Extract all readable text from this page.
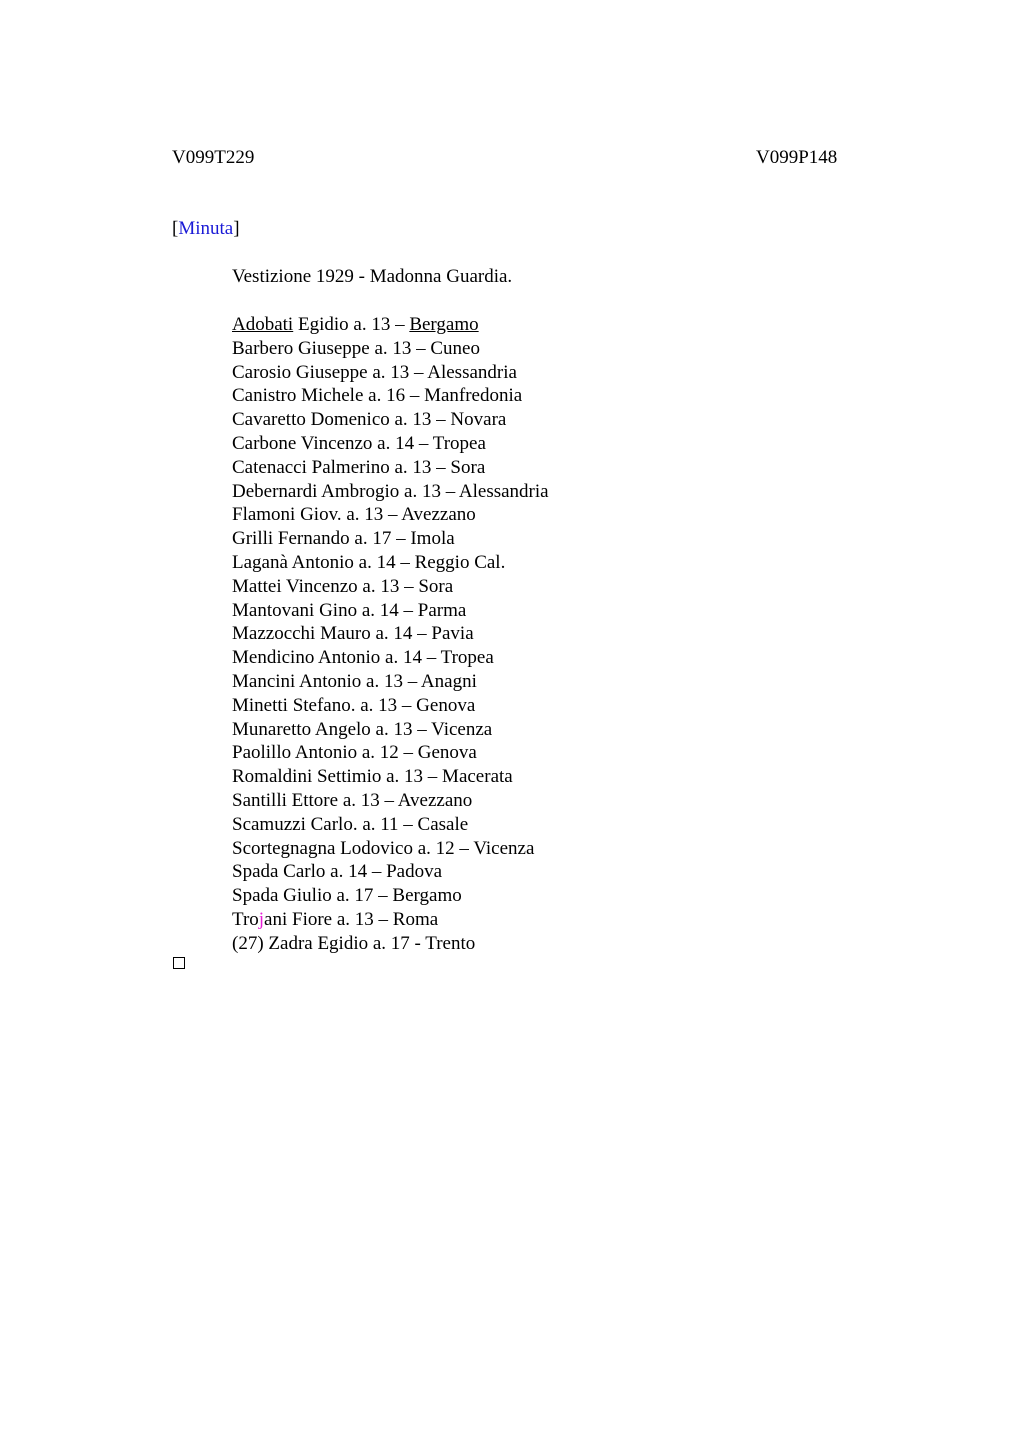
V099T229	V099P148
[Minuta]
Vestizione 1929 - Madonna Guardia.
Adobati Egidio a. 13 – Bergamo
Barbero Giuseppe a. 13 – Cuneo
Carosio Giuseppe a. 13 – Alessandria
Canistro Michele a. 16 – Manfredonia
Cavaretto Domenico a. 13 – Novara
Carbone Vincenzo a. 14 – Tropea
Catenacci Palmerino a. 13 – Sora
Debernardi Ambrogio a. 13 – Alessandria
Flamoni Giov. a. 13 – Avezzano
Grilli Fernando a. 17 – Imola
Laganà Antonio a. 14 – Reggio Cal.
Mattei Vincenzo a. 13 – Sora
Mantovani Gino a. 14 – Parma
Mazzocchi Mauro a. 14 – Pavia
Mendicino Antonio a. 14 – Tropea
Mancini Antonio a. 13 – Anagni
Minetti Stefano. a. 13 – Genova
Munaretto Angelo a. 13 – Vicenza
Paolillo Antonio a. 12 – Genova
Romaldini Settimio a. 13 – Macerata
Santilli Ettore a. 13 – Avezzano
Scamuzzi Carlo. a. 11 – Casale
Scortegnagna Lodovico a. 12 – Vicenza
Spada Carlo a. 14 – Padova
Spada Giulio a. 17 – Bergamo
Trojani Fiore a. 13 – Roma
(27) Zadra Egidio a. 17 - Trento
